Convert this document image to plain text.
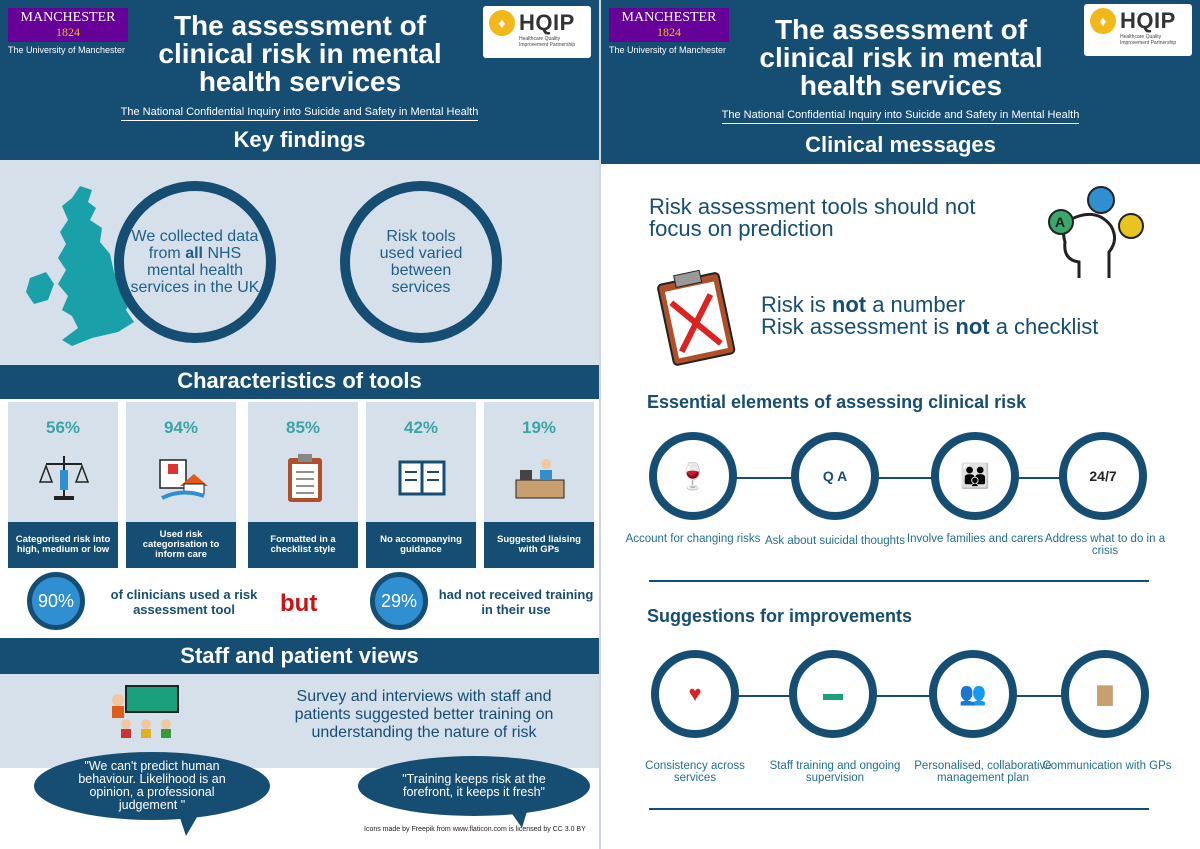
MANCHESTER
1824
The University of Manchester
The assessment of clinical risk in mental health services
♦ HQIP
Healthcare Quality Improvement Partnership
The National Confidential Inquiry into Suicide and Safety in Mental Health
Key findings
We collected data from all NHS mental health services in the UK
Risk tools used varied between services
Characteristics of tools
56%
Categorised risk into high, medium or low
94%
Used risk categorisation to inform care
85%
Formatted in a checklist style
42%
No accompanying guidance
19%
Suggested liaising with GPs
90%	of clinicians used a risk assessment tool	but	29%	had not received training in their use
Staff and patient views
Survey and interviews with staff and patients suggested better training on understanding the nature of risk
"We can't predict human behaviour. Likelihood is an opinion, a professional judgement "
"Training keeps risk at the forefront, it keeps it fresh"
Icons made by Freepik from www.flaticon.com is licensed by CC 3.0 BY
MANCHESTER
1824
The University of Manchester
The assessment of clinical risk in mental health services
♦ HQIP
Healthcare Quality Improvement Partnership
The National Confidential Inquiry into Suicide and Safety in Mental Health
Clinical messages
Risk assessment tools should not focus on prediction	A
Risk is not a number
Risk assessment is not a checklist
Essential elements of assessing clinical risk
🍷	Q A	👪	24/7
Account for changing risks Ask about suicidal thoughts Involve families and carers Address what to do in a crisis
Suggestions for improvements
♥	▬	👥	▇
Consistency across services
Staff training and ongoing supervision
Personalised, collaborative management plan
Communication with GPs
